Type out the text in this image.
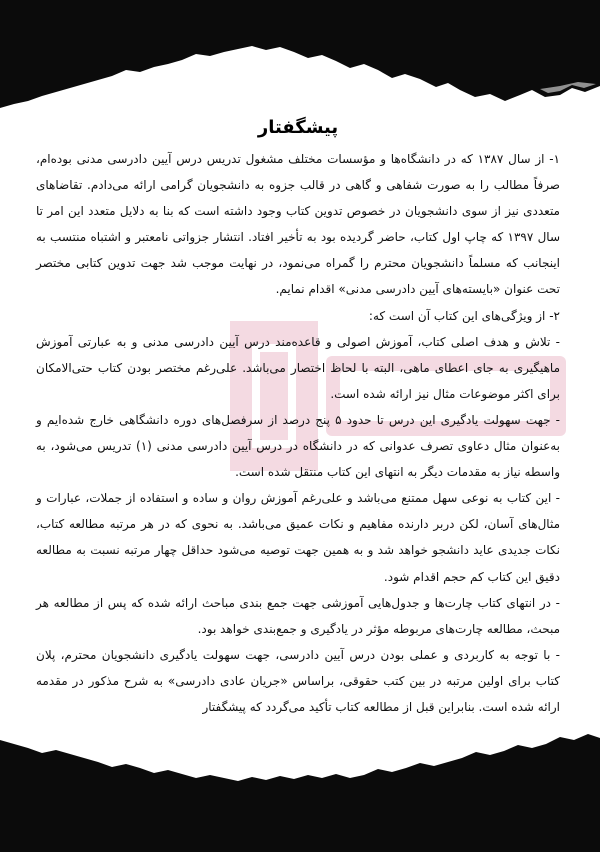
پیشگفتار

۱- از سال ۱۳۸۷ که در دانشگاه‌ها و مؤسسات مختلف مشغول تدریس درس آیین دادرسی مدنی بوده‌ام، صرفاً مطالب را به صورت شفاهی و گاهی در قالب جزوه به دانشجویان گرامی ارائه می‌دادم. تقاضاهای متعددی نیز از سوی دانشجویان در خصوص تدوین کتاب وجود داشته است که بنا به دلایل متعدد این امر تا سال ۱۳۹۷ که چاپ اول کتاب، حاضر گردیده بود به تأخیر افتاد. انتشار جزواتی نامعتبر و اشتباه منتسب به اینجانب که مسلماً دانشجویان محترم را گمراه می‌نمود، در نهایت موجب شد جهت تدوین کتابی مختصر تحت عنوان «بایسته‌های آیین دادرسی مدنی» اقدام نمایم.

۲- از ویژگی‌های این کتاب آن است که:

- تلاش و هدف اصلی کتاب، آموزش اصولی و قاعده‌مند درس آیین دادرسی مدنی و به عبارتی آموزش ماهیگیری به جای اعطای ماهی، البته با لحاظ اختصار می‌باشد. علی‌رغم مختصر بودن کتاب حتی‌الامکان برای اکثر موضوعات مثال نیز ارائه شده است.

- جهت سهولت یادگیری این درس تا حدود ۵ پنج درصد از سرفصل‌های دوره دانشگاهی خارج شده‌ایم و به‌عنوان مثال دعاوی تصرف عدوانی که در دانشگاه در درس آیین دادرسی مدنی (۱) تدریس می‌شود، به واسطه نیاز به مقدمات دیگر به انتهای این کتاب منتقل شده است.

- این کتاب به نوعی سهل ممتنع می‌باشد و علی‌رغم آموزش روان و ساده و استفاده از جملات، عبارات و مثال‌های آسان، لکن دربر دارنده مفاهیم و نکات عمیق می‌باشد. به نحوی که در هر مرتبه مطالعه کتاب، نکات جدیدی عاید دانشجو خواهد شد و به همین جهت توصیه می‌شود حداقل چهار مرتبه نسبت به مطالعه دقیق این کتاب کم حجم اقدام شود.

- در انتهای کتاب چارت‌ها و جدول‌هایی آموزشی جهت جمع بندی مباحث ارائه شده که پس از مطالعه هر مبحث، مطالعه چارت‌های مربوطه مؤثر در یادگیری و جمع‌بندی خواهد بود.

- با توجه به کاربردی و عملی بودن درس آیین دادرسی، جهت سهولت یادگیری دانشجویان محترم، پلان کتاب برای اولین مرتبه در بین کتب حقوقی، براساس «جریان عادی دادرسی» به شرح مذکور در مقدمه ارائه شده است. بنابراین قبل از مطالعه کتاب تأکید می‌گردد که پیشگفتار
